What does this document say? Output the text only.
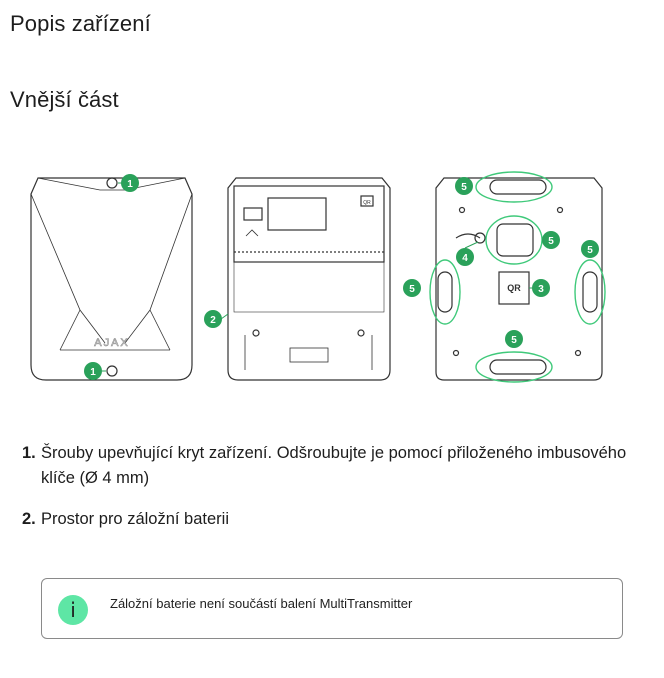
Popis zařízení
Vnější část
AJAX
QR
QR
1
1
2
3
4
5
5
5
5
5
1. Šrouby upevňující kryt zařízení. Odšroubujte je pomocí přiloženého imbusového klíče (Ø 4 mm)
2. Prostor pro záložní baterii
i	Záložní baterie není součástí balení MultiTransmitter
